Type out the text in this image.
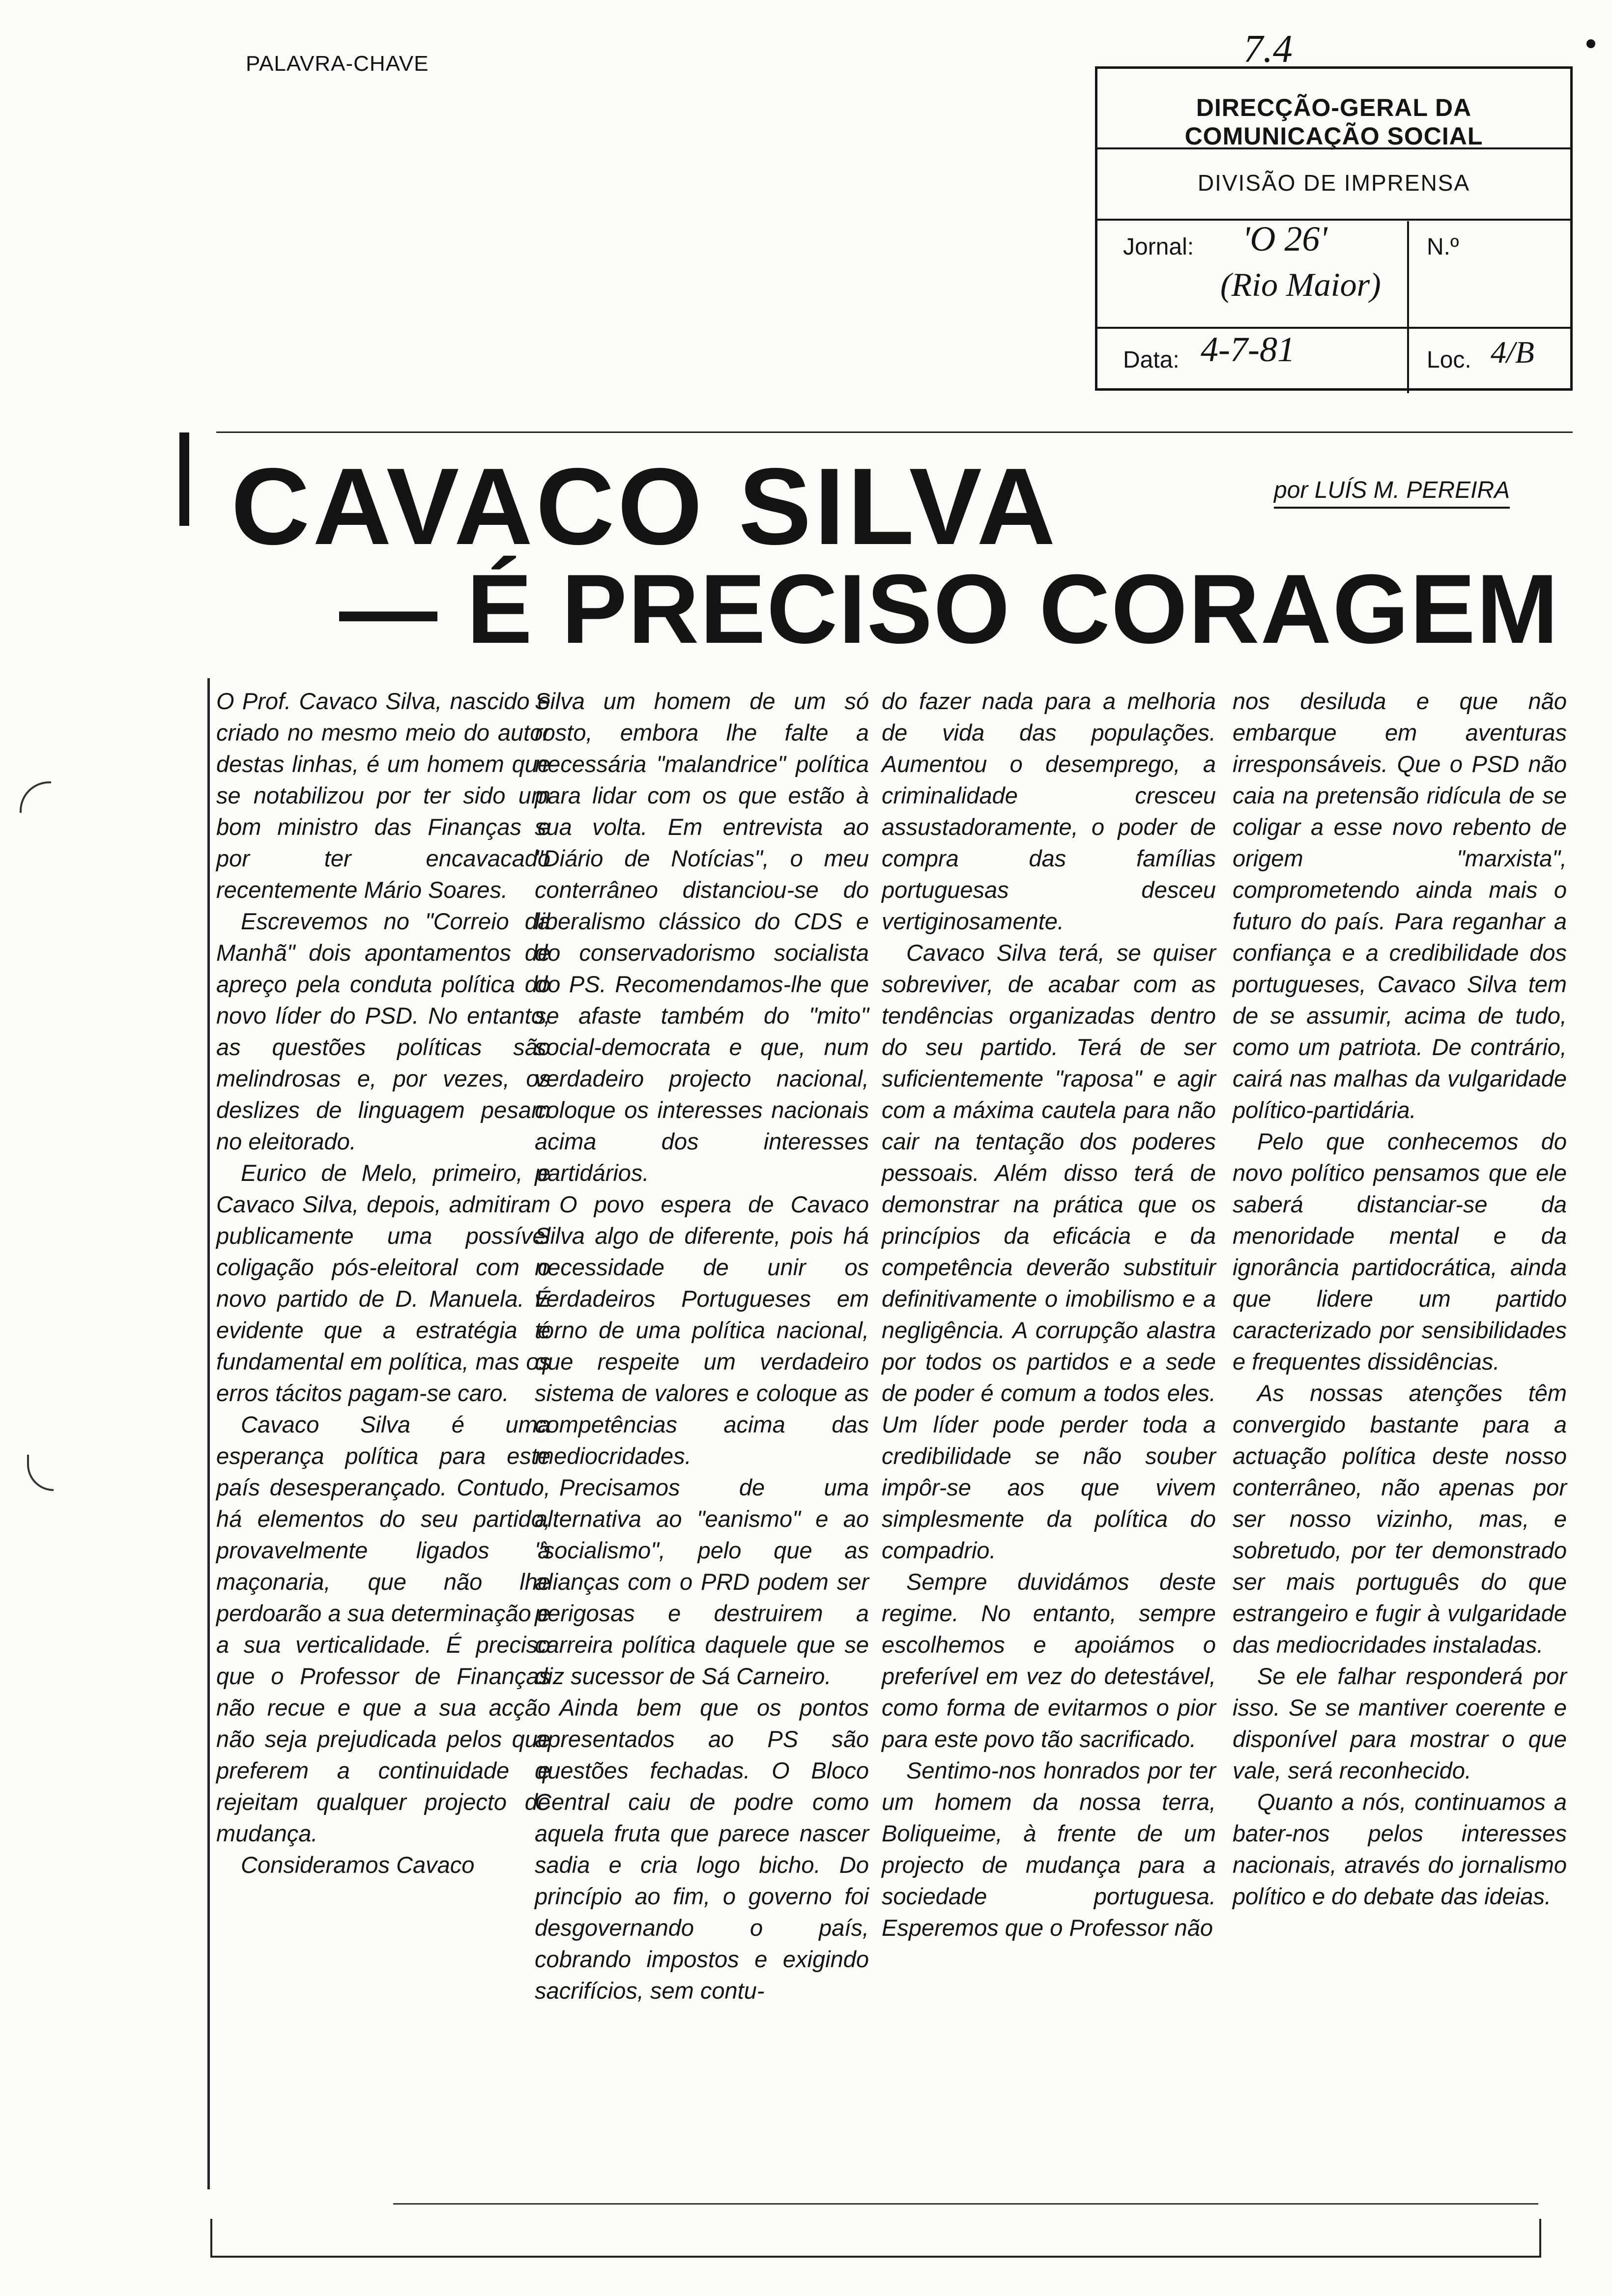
PALAVRA-CHAVE	7.4
DIRECÇÃO-GERAL DA COMUNICAÇÃO SOCIAL
DIVISÃO DE IMPRENSA
Jornal: 'O 26'
(Rio Maior)
N.º
Data: 4-7-81	Loc. 4/B
CAVACO SILVA
— É PRECISO CORAGEM
por LUÍS M. PEREIRA

O Prof. Cavaco Silva, nascido e criado no mesmo meio do autor destas linhas, é um homem que se notabilizou por ter sido um bom ministro das Finanças e por ter encavacado recentemente Mário Soares.

Escrevemos no "Correio da Manhã" dois apontamentos de apreço pela conduta política do novo líder do PSD. No entanto, as questões políticas são melindrosas e, por vezes, os deslizes de linguagem pesam no eleitorado.

Eurico de Melo, primeiro, e Cavaco Silva, depois, admitiram publicamente uma possível coligação pós-eleitoral com o novo partido de D. Manuela. É evidente que a estratégia é fundamental em política, mas os erros tácitos pagam-se caro.

Cavaco Silva é uma esperança política para este país desesperançado. Contudo, há elementos do seu partido, provavelmente ligados à maçonaria, que não lhe perdoarão a sua determinação e a sua verticalidade. É preciso que o Professor de Finanças não recue e que a sua acção não seja prejudicada pelos que preferem a continuidade e rejeitam qualquer projecto de mudança.

Consideramos Cavaco

Silva um homem de um só rosto, embora lhe falte a necessária "malandrice" política para lidar com os que estão à sua volta. Em entrevista ao "Diário de Notícias", o meu conterrâneo distanciou-se do liberalismo clássico do CDS e do conservadorismo socialista do PS. Recomendamos-lhe que se afaste também do "mito" social-democrata e que, num verdadeiro projecto nacional, coloque os interesses nacionais acima dos interesses partidários.

O povo espera de Cavaco Silva algo de diferente, pois há necessidade de unir os verdadeiros Portugueses em torno de uma política nacional, que respeite um verdadeiro sistema de valores e coloque as competências acima das mediocridades.

Precisamos de uma alternativa ao "eanismo" e ao "socialismo", pelo que as alianças com o PRD podem ser perigosas e destruirem a carreira política daquele que se diz sucessor de Sá Carneiro.

Ainda bem que os pontos apresentados ao PS são questões fechadas. O Bloco Central caiu de podre como aquela fruta que parece nascer sadia e cria logo bicho. Do princípio ao fim, o governo foi desgovernando o país, cobrando impostos e exigindo sacrifícios, sem contu-

do fazer nada para a melhoria de vida das populações. Aumentou o desemprego, a criminalidade cresceu assustadoramente, o poder de compra das famílias portuguesas desceu vertiginosamente.

Cavaco Silva terá, se quiser sobreviver, de acabar com as tendências organizadas dentro do seu partido. Terá de ser suficientemente "raposa" e agir com a máxima cautela para não cair na tentação dos poderes pessoais. Além disso terá de demonstrar na prática que os princípios da eficácia e da competência deverão substituir definitivamente o imobilismo e a negligência. A corrupção alastra por todos os partidos e a sede de poder é comum a todos eles. Um líder pode perder toda a credibilidade se não souber impôr-se aos que vivem simplesmente da política do compadrio.

Sempre duvidámos deste regime. No entanto, sempre escolhemos e apoiámos o preferível em vez do detestável, como forma de evitarmos o pior para este povo tão sacrificado.

Sentimo-nos honrados por ter um homem da nossa terra, Boliqueime, à frente de um projecto de mudança para a sociedade portuguesa. Esperemos que o Professor não

nos desiluda e que não embarque em aventuras irresponsáveis. Que o PSD não caia na pretensão ridícula de se coligar a esse novo rebento de origem "marxista", comprometendo ainda mais o futuro do país. Para reganhar a confiança e a credibilidade dos portugueses, Cavaco Silva tem de se assumir, acima de tudo, como um patriota. De contrário, cairá nas malhas da vulgaridade político-partidária.

Pelo que conhecemos do novo político pensamos que ele saberá distanciar-se da menoridade mental e da ignorância partidocrática, ainda que lidere um partido caracterizado por sensibilidades e frequentes dissidências.

As nossas atenções têm convergido bastante para a actuação política deste nosso conterrâneo, não apenas por ser nosso vizinho, mas, e sobretudo, por ter demonstrado ser mais português do que estrangeiro e fugir à vulgaridade das mediocridades instaladas.

Se ele falhar responderá por isso. Se se mantiver coerente e disponível para mostrar o que vale, será reconhecido.

Quanto a nós, continuamos a bater-nos pelos interesses nacionais, através do jornalismo político e do debate das ideias.
